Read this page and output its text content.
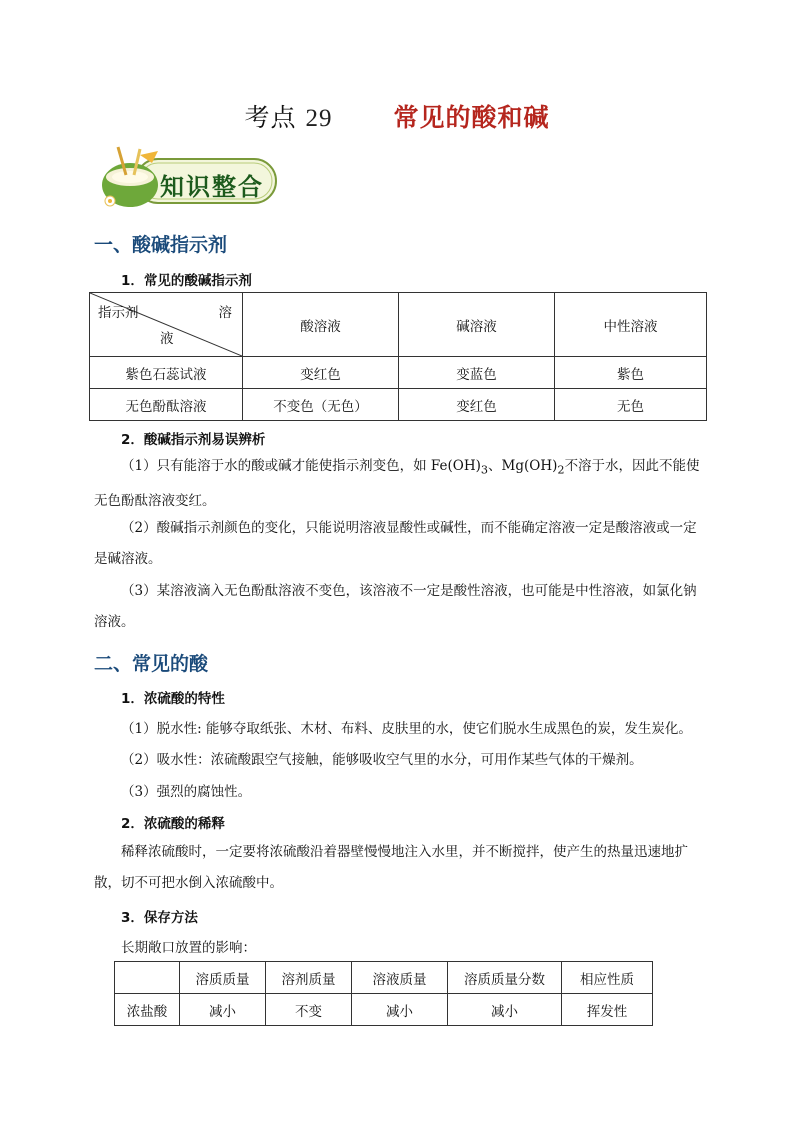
考点 29 常见的酸和碱
知识整合
一、酸碱指示剂
1．常见的酸碱指示剂
指示剂 溶
液	酸溶液	碱溶液	中性溶液
紫色石蕊试液	变红色	变蓝色	紫色
无色酚酞溶液	不变色（无色）	变红色	无色
2．酸碱指示剂易误辨析

（1）只有能溶于水的酸或碱才能使指示剂变色，如 $Fe(OH)_3$、$Mg(OH)_2$不溶于水，因此不能使无色酚酞溶液变红。

（2）酸碱指示剂颜色的变化，只能说明溶液显酸性或碱性，而不能确定溶液一定是酸溶液或一定是碱溶液。

（3）某溶液滴入无色酚酞溶液不变色，该溶液不一定是酸性溶液，也可能是中性溶液，如氯化钠溶液。

二、常见的酸
1．浓硫酸的特性
（1）脱水性: 能够夺取纸张、木材、布料、皮肤里的水，使它们脱水生成黑色的炭，发生炭化。
（2）吸水性：浓硫酸跟空气接触，能够吸收空气里的水分，可用作某些气体的干燥剂。
（3）强烈的腐蚀性。
2．浓硫酸的稀释

稀释浓硫酸时，一定要将浓硫酸沿着器壁慢慢地注入水里，并不断搅拌，使产生的热量迅速地扩散，切不可把水倒入浓硫酸中。

3．保存方法
长期敞口放置的影响：
	溶质质量	溶剂质量	溶液质量	溶质质量分数	相应性质
浓盐酸	减小	不变	减小	减小	挥发性
